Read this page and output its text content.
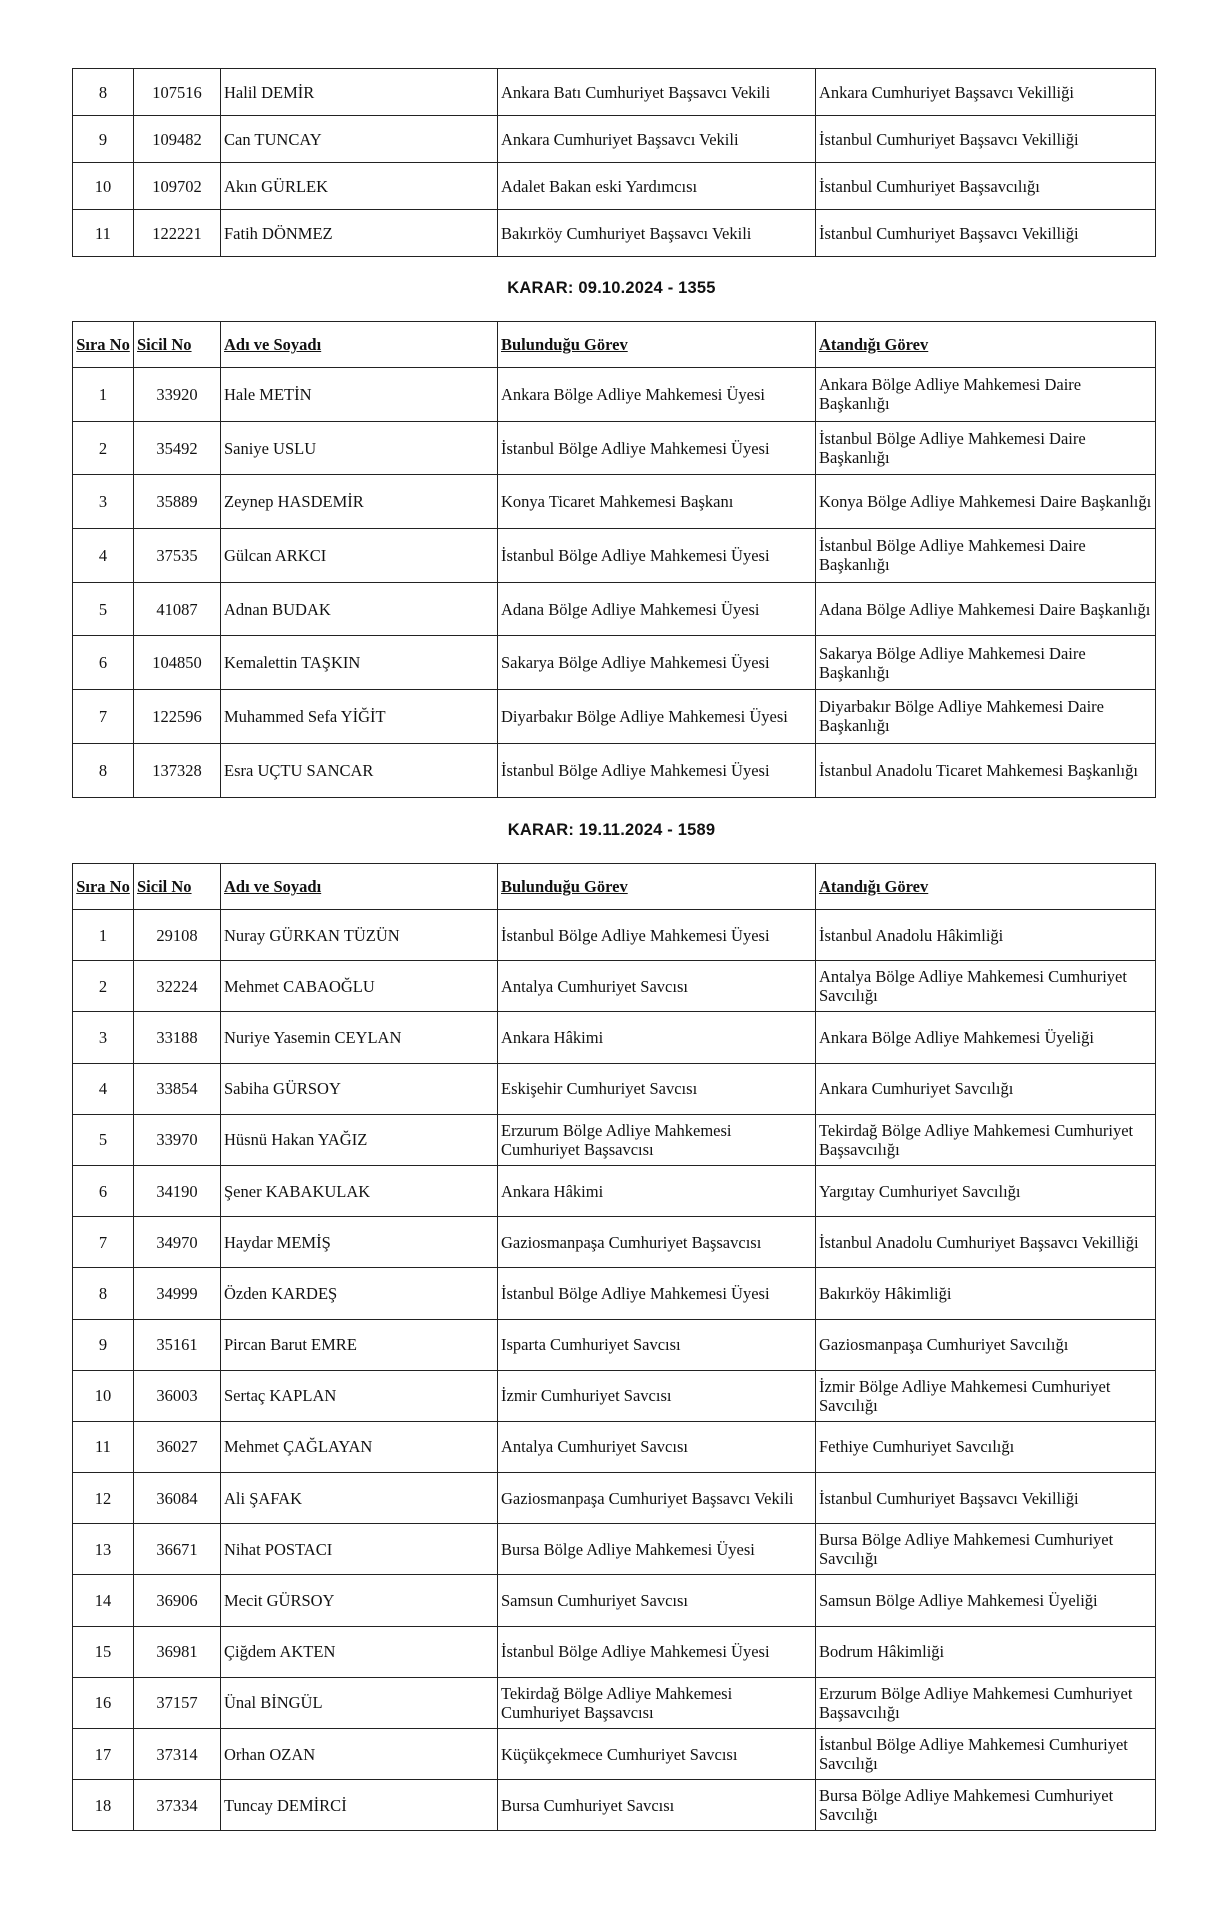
8	107516	Halil DEMİR	Ankara Batı Cumhuriyet Başsavcı Vekili	Ankara Cumhuriyet Başsavcı Vekilliği
9	109482	Can TUNCAY	Ankara Cumhuriyet Başsavcı Vekili	İstanbul Cumhuriyet Başsavcı Vekilliği
10	109702	Akın GÜRLEK	Adalet Bakan eski Yardımcısı	İstanbul Cumhuriyet Başsavcılığı
11	122221	Fatih DÖNMEZ	Bakırköy Cumhuriyet Başsavcı Vekili	İstanbul Cumhuriyet Başsavcı Vekilliği
KARAR: 09.10.2024 - 1355
Sıra No	Sicil No	Adı ve Soyadı	Bulunduğu Görev	Atandığı Görev
1	33920	Hale METİN	Ankara Bölge Adliye Mahkemesi Üyesi	Ankara Bölge Adliye Mahkemesi Daire Başkanlığı
2	35492	Saniye USLU	İstanbul Bölge Adliye Mahkemesi Üyesi	İstanbul Bölge Adliye Mahkemesi Daire Başkanlığı
3	35889	Zeynep HASDEMİR	Konya Ticaret Mahkemesi Başkanı	Konya Bölge Adliye Mahkemesi Daire Başkanlığı
4	37535	Gülcan ARKCI	İstanbul Bölge Adliye Mahkemesi Üyesi	İstanbul Bölge Adliye Mahkemesi Daire Başkanlığı
5	41087	Adnan BUDAK	Adana Bölge Adliye Mahkemesi Üyesi	Adana Bölge Adliye Mahkemesi Daire Başkanlığı
6	104850	Kemalettin TAŞKIN	Sakarya Bölge Adliye Mahkemesi Üyesi	Sakarya Bölge Adliye Mahkemesi Daire Başkanlığı
7	122596	Muhammed Sefa YİĞİT	Diyarbakır Bölge Adliye Mahkemesi Üyesi	Diyarbakır Bölge Adliye Mahkemesi Daire Başkanlığı
8	137328	Esra UÇTU SANCAR	İstanbul Bölge Adliye Mahkemesi Üyesi	İstanbul Anadolu Ticaret Mahkemesi Başkanlığı
KARAR: 19.11.2024 - 1589
Sıra No	Sicil No	Adı ve Soyadı	Bulunduğu Görev	Atandığı Görev
1	29108	Nuray GÜRKAN TÜZÜN	İstanbul Bölge Adliye Mahkemesi Üyesi	İstanbul Anadolu Hâkimliği
2	32224	Mehmet CABAOĞLU	Antalya Cumhuriyet Savcısı	Antalya Bölge Adliye Mahkemesi Cumhuriyet Savcılığı
3	33188	Nuriye Yasemin CEYLAN	Ankara Hâkimi	Ankara Bölge Adliye Mahkemesi Üyeliği
4	33854	Sabiha GÜRSOY	Eskişehir Cumhuriyet Savcısı	Ankara Cumhuriyet Savcılığı
5	33970	Hüsnü Hakan YAĞIZ	Erzurum Bölge Adliye Mahkemesi Cumhuriyet Başsavcısı	Tekirdağ Bölge Adliye Mahkemesi Cumhuriyet Başsavcılığı
6	34190	Şener KABAKULAK	Ankara Hâkimi	Yargıtay Cumhuriyet Savcılığı
7	34970	Haydar MEMİŞ	Gaziosmanpaşa Cumhuriyet Başsavcısı	İstanbul Anadolu Cumhuriyet Başsavcı Vekilliği
8	34999	Özden KARDEŞ	İstanbul Bölge Adliye Mahkemesi Üyesi	Bakırköy Hâkimliği
9	35161	Pircan Barut EMRE	Isparta Cumhuriyet Savcısı	Gaziosmanpaşa Cumhuriyet Savcılığı
10	36003	Sertaç KAPLAN	İzmir Cumhuriyet Savcısı	İzmir Bölge Adliye Mahkemesi Cumhuriyet Savcılığı
11	36027	Mehmet ÇAĞLAYAN	Antalya Cumhuriyet Savcısı	Fethiye Cumhuriyet Savcılığı
12	36084	Ali ŞAFAK	Gaziosmanpaşa Cumhuriyet Başsavcı Vekili	İstanbul Cumhuriyet Başsavcı Vekilliği
13	36671	Nihat POSTACI	Bursa Bölge Adliye Mahkemesi Üyesi	Bursa Bölge Adliye Mahkemesi Cumhuriyet Savcılığı
14	36906	Mecit GÜRSOY	Samsun Cumhuriyet Savcısı	Samsun Bölge Adliye Mahkemesi Üyeliği
15	36981	Çiğdem AKTEN	İstanbul Bölge Adliye Mahkemesi Üyesi	Bodrum Hâkimliği
16	37157	Ünal BİNGÜL	Tekirdağ Bölge Adliye Mahkemesi Cumhuriyet Başsavcısı	Erzurum Bölge Adliye Mahkemesi Cumhuriyet Başsavcılığı
17	37314	Orhan OZAN	Küçükçekmece Cumhuriyet Savcısı	İstanbul Bölge Adliye Mahkemesi Cumhuriyet Savcılığı
18	37334	Tuncay DEMİRCİ	Bursa Cumhuriyet Savcısı	Bursa Bölge Adliye Mahkemesi Cumhuriyet Savcılığı
